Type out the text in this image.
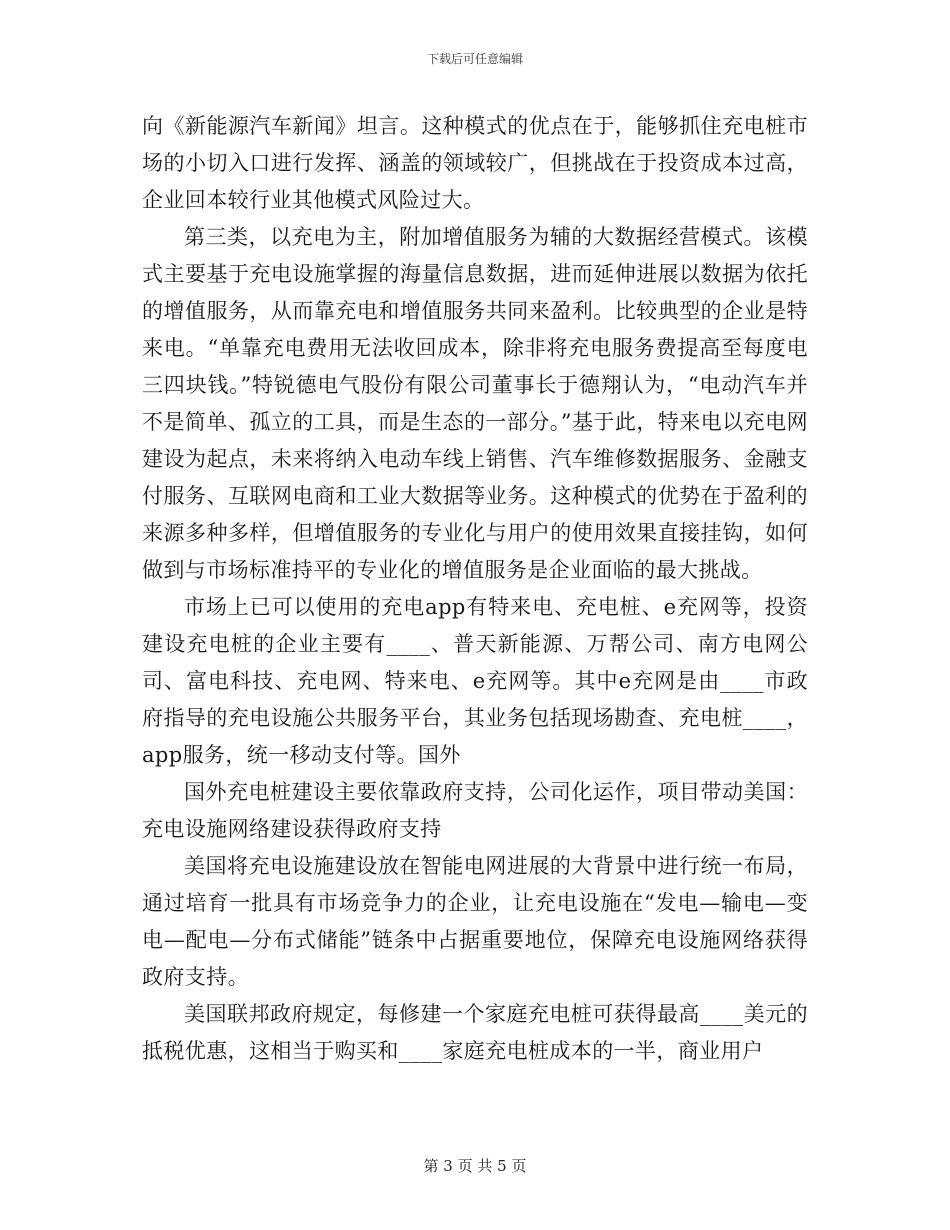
下载后可任意编辑

向《新能源汽车新闻》坦言。这种模式的优点在于，能够抓住充电桩市场的小切入口进行发挥、涵盖的领域较广，但挑战在于投资成本过高，企业回本较行业其他模式风险过大。

第三类，以充电为主，附加增值服务为辅的大数据经营模式。该模式主要基于充电设施掌握的海量信息数据，进而延伸进展以数据为依托的增值服务，从而靠充电和增值服务共同来盈利。比较典型的企业是特来电。“单靠充电费用无法收回成本，除非将充电服务费提高至每度电三四块钱。”特锐德电气股份有限公司董事长于德翔认为，“电动汽车并不是简单、孤立的工具，而是生态的一部分。”基于此，特来电以充电网建设为起点，未来将纳入电动车线上销售、汽车维修数据服务、金融支付服务、互联网电商和工业大数据等业务。这种模式的优势在于盈利的来源多种多样，但增值服务的专业化与用户的使用效果直接挂钩，如何做到与市场标准持平的专业化的增值服务是企业面临的最大挑战。

市场上已可以使用的充电app有特来电、充电桩、e充网等，投资建设充电桩的企业主要有____、普天新能源、万帮公司、南方电网公司、富电科技、充电网、特来电、e充网等。其中e充网是由____市政府指导的充电设施公共服务平台，其业务包括现场勘查、充电桩____，app服务，统一移动支付等。国外

国外充电桩建设主要依靠政府支持，公司化运作，项目带动美国：充电设施网络建设获得政府支持

美国将充电设施建设放在智能电网进展的大背景中进行统一布局，通过培育一批具有市场竞争力的企业，让充电设施在“发电—输电—变电—配电—分布式储能”链条中占据重要地位，保障充电设施网络获得政府支持。

美国联邦政府规定，每修建一个家庭充电桩可获得最高____美元的抵税优惠，这相当于购买和____家庭充电桩成本的一半，商业用户

第 3 页 共 5 页
